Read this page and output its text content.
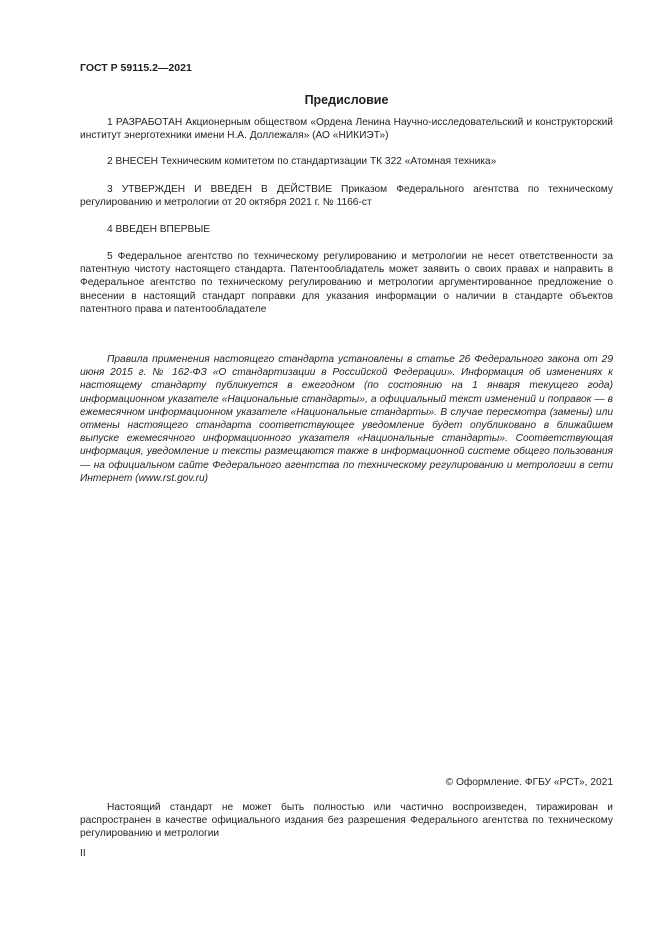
ГОСТ Р 59115.2—2021
Предисловие

1 РАЗРАБОТАН Акционерным обществом «Ордена Ленина Научно-исследовательский и конструкторский институт энерготехники имени Н.А. Доллежаля» (АО «НИКИЭТ»)

2 ВНЕСЕН Техническим комитетом по стандартизации ТК 322 «Атомная техника»

3 УТВЕРЖДЕН И ВВЕДЕН В ДЕЙСТВИЕ Приказом Федерального агентства по техническому регулированию и метрологии от 20 октября 2021 г. № 1166-ст

4 ВВЕДЕН ВПЕРВЫЕ

5 Федеральное агентство по техническому регулированию и метрологии не несет ответственности за патентную чистоту настоящего стандарта. Патентообладатель может заявить о своих правах и направить в Федеральное агентство по техническому регулированию и метрологии аргументированное предложение о внесении в настоящий стандарт поправки для указания информации о наличии в стандарте объектов патентного права и патентообладателе

Правила применения настоящего стандарта установлены в статье 26 Федерального закона от 29 июня 2015 г. № 162-ФЗ «О стандартизации в Российской Федерации». Информация об изменениях к настоящему стандарту публикуется в ежегодном (по состоянию на 1 января текущего года) информационном указателе «Национальные стандарты», а официальный текст изменений и поправок — в ежемесячном информационном указателе «Национальные стандарты». В случае пересмотра (замены) или отмены настоящего стандарта соответствующее уведомление будет опубликовано в ближайшем выпуске ежемесячного информационного указателя «Национальные стандарты». Соответствующая информация, уведомление и тексты размещаются также в информационной системе общего пользования — на официальном сайте Федерального агентства по техническому регулированию и метрологии в сети Интернет (www.rst.gov.ru)

© Оформление. ФГБУ «РСТ», 2021

Настоящий стандарт не может быть полностью или частично воспроизведен, тиражирован и распространен в качестве официального издания без разрешения Федерального агентства по техническому регулированию и метрологии

II
